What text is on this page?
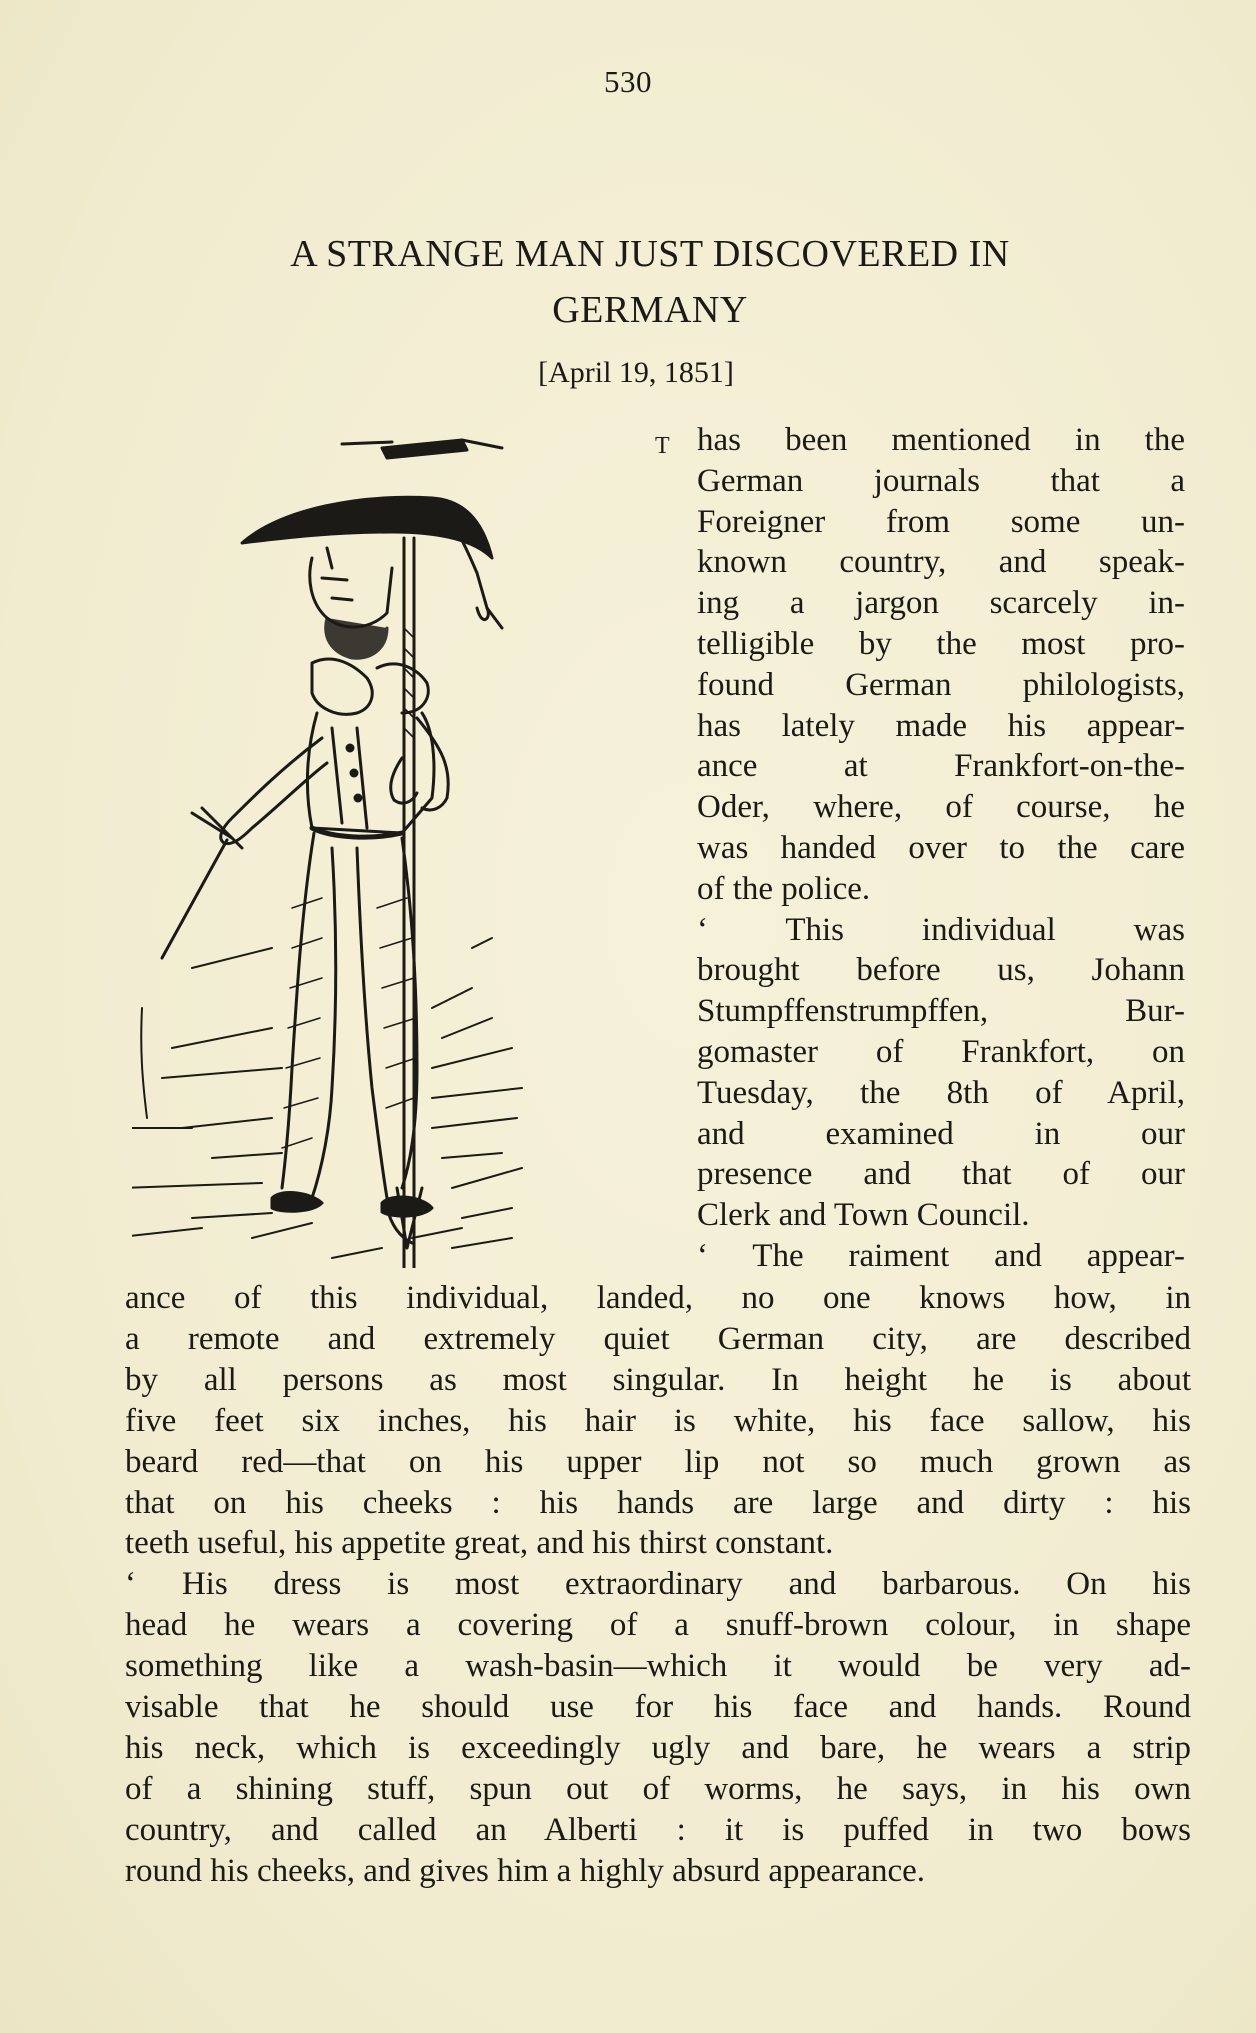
530
A STRANGE MAN JUST DISCOVERED IN
GERMANY
[April 19, 1851]
T has been mentioned in the
German journals that a
Foreigner from some un-
known country, and speak-
ing a jargon scarcely in-
telligible by the most pro-
found German philologists,
has lately made his appear-
ance at Frankfort-on-the-
Oder, where, of course, he
was handed over to the care
of the police.
‘ This individual was
brought before us, Johann
Stumpffenstrumpffen, Bur-
gomaster of Frankfort, on
Tuesday, the 8th of April,
and examined in our
presence and that of our
Clerk and Town Council.
‘ The raiment and appear-
ance of this individual, landed, no one knows how, in
a remote and extremely quiet German city, are described
by all persons as most singular. In height he is about
five feet six inches, his hair is white, his face sallow, his
beard red—that on his upper lip not so much grown as
that on his cheeks : his hands are large and dirty : his
teeth useful, his appetite great, and his thirst constant.
‘ His dress is most extraordinary and barbarous. On his
head he wears a covering of a snuff-brown colour, in shape
something like a wash-basin—which it would be very ad-
visable that he should use for his face and hands. Round
his neck, which is exceedingly ugly and bare, he wears a strip
of a shining stuff, spun out of worms, he says, in his own
country, and called an Alberti : it is puffed in two bows
round his cheeks, and gives him a highly absurd appearance.
